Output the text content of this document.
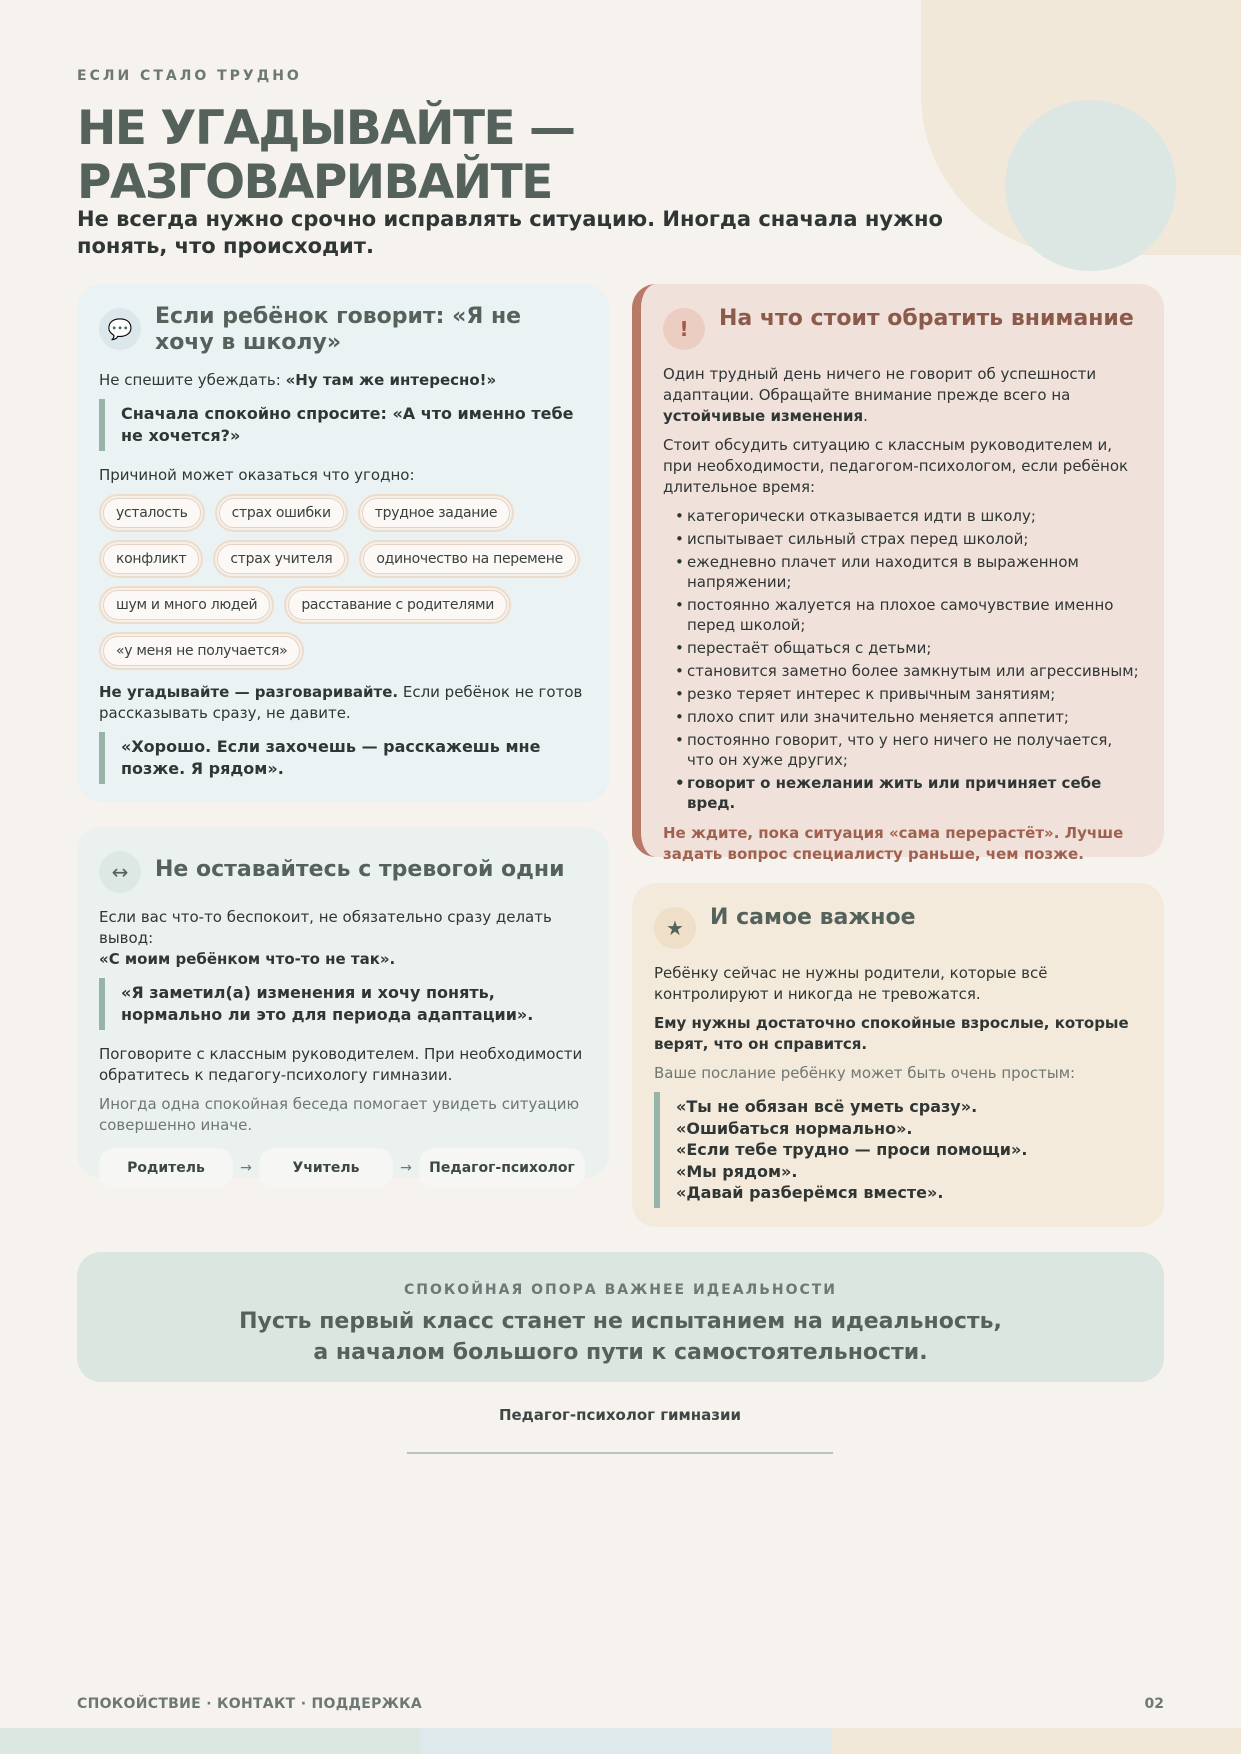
ЕСЛИ СТАЛО ТРУДНО
НЕ УГАДЫВАЙТЕ —
РАЗГОВАРИВАЙТЕ

Не всегда нужно срочно исправлять ситуацию. Иногда сначала нужно понять, что происходит.

💬	Если ребёнок говорит: «Я не хочу в школу»

Не спешите убеждать: «Ну там же интересно!»

Сначала спокойно спросите: «А что именно тебе не хочется?»

Причиной может оказаться что угодно:

усталость	страх ошибки	трудное задание
конфликт	страх учителя	одиночество на перемене
шум и много людей	расставание с родителями
«у меня не получается»

Не угадывайте — разговаривайте. Если ребёнок не готов рассказывать сразу, не давите.

«Хорошо. Если захочешь — расскажешь мне позже. Я рядом».
↔	Не оставайтесь с тревогой одни

Если вас что-то беспокоит, не обязательно сразу делать вывод:
«С моим ребёнком что-то не так».

«Я заметил(а) изменения и хочу понять, нормально ли это для периода адаптации».

Поговорите с классным руководителем. При необходимости обратитесь к педагогу-психологу гимназии.

Иногда одна спокойная беседа помогает увидеть ситуацию совершенно иначе.

Родитель	→	Учитель	→	Педагог-психолог
!	На что стоит обратить внимание

Один трудный день ничего не говорит об успешности адаптации. Обращайте внимание прежде всего на устойчивые изменения.

Стоит обсудить ситуацию с классным руководителем и, при необходимости, педагогом-психологом, если ребёнок длительное время:

• категорически отказывается идти в школу;
• испытывает сильный страх перед школой;
• ежедневно плачет или находится в выраженном напряжении;
• постоянно жалуется на плохое самочувствие именно перед школой;
• перестаёт общаться с детьми;
• становится заметно более замкнутым или агрессивным;
• резко теряет интерес к привычным занятиям;
• плохо спит или значительно меняется аппетит;
• постоянно говорит, что у него ничего не получается, что он хуже других;
• говорит о нежелании жить или причиняет себе вред.

Не ждите, пока ситуация «сама перерастёт». Лучше задать вопрос специалисту раньше, чем позже.

★	И самое важное

Ребёнку сейчас не нужны родители, которые всё контролируют и никогда не тревожатся.

Ему нужны достаточно спокойные взрослые, которые верят, что он справится.

Ваше послание ребёнку может быть очень простым:

«Ты не обязан всё уметь сразу».
«Ошибаться нормально».
«Если тебе трудно — проси помощи».
«Мы рядом».
«Давай разберёмся вместе».
СПОКОЙНАЯ ОПОРА ВАЖНЕЕ ИДЕАЛЬНОСТИ
Пусть первый класс станет не испытанием на идеальность,
а началом большого пути к самостоятельности.
Педагог-психолог гимназии
СПОКОЙСТВИЕ · КОНТАКТ · ПОДДЕРЖКА	02
